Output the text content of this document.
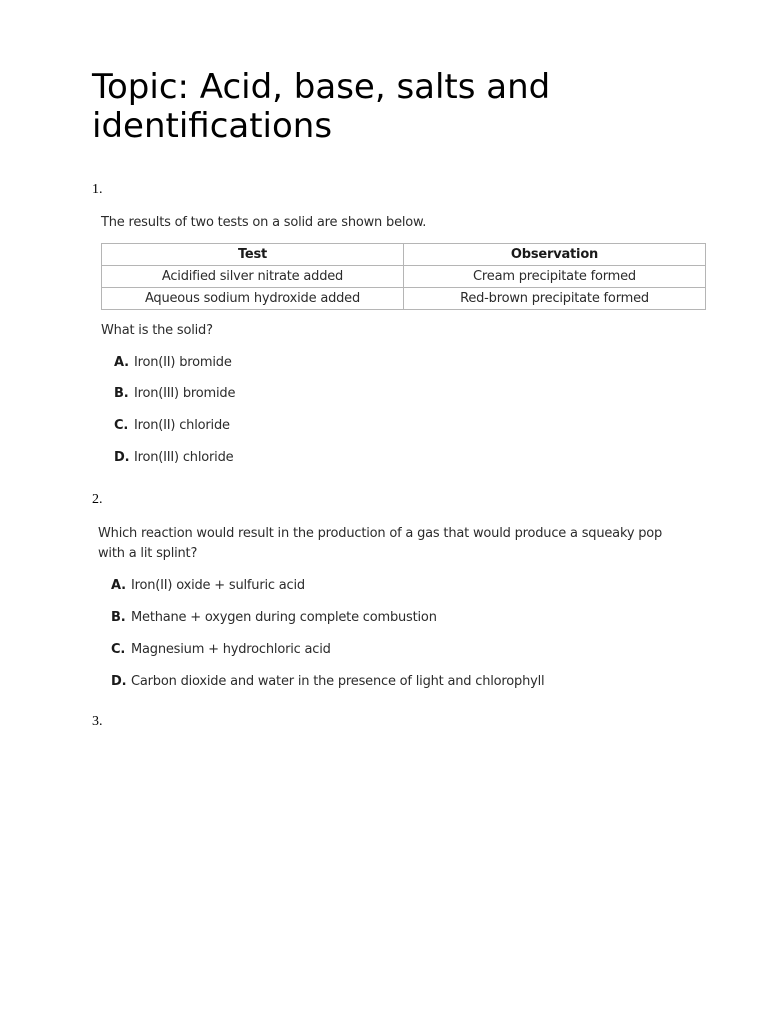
Topic: Acid, base, salts and identifications
1.
The results of two tests on a solid are shown below.
Test	Observation
Acidified silver nitrate added	Cream precipitate formed
Aqueous sodium hydroxide added	Red-brown precipitate formed
What is the solid?
A. Iron(II) bromide
B. Iron(III) bromide
C. Iron(II) chloride
D. Iron(III) chloride
2.
Which reaction would result in the production of a gas that would produce a squeaky pop
with a lit splint?
A. Iron(II) oxide + sulfuric acid
B. Methane + oxygen during complete combustion
C. Magnesium + hydrochloric acid
D. Carbon dioxide and water in the presence of light and chlorophyll
3.
